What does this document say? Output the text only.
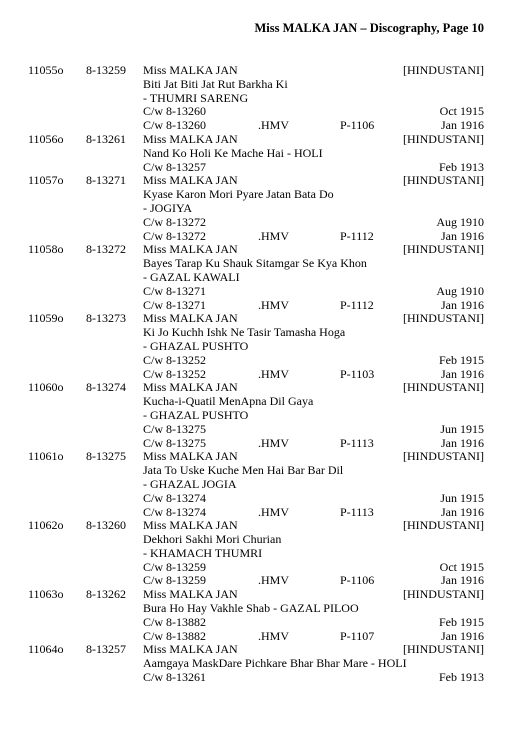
Miss MALKA JAN – Discography, Page 10
11055o 8-13259 Miss MALKA JAN	[HINDUSTANI]
Biti Jat Biti Jat Rut Barkha Ki
- THUMRI SARENG
C/w 8-13260	Oct 1915
C/w 8-13260	.HMV	P-1106	Jan 1916
11056o 8-13261 Miss MALKA JAN	[HINDUSTANI]
Nand Ko Holi Ke Mache Hai - HOLI
C/w 8-13257	Feb 1913
11057o 8-13271 Miss MALKA JAN	[HINDUSTANI]
Kyase Karon Mori Pyare Jatan Bata Do
- JOGIYA
C/w 8-13272	Aug 1910
C/w 8-13272	.HMV	P-1112	Jan 1916
11058o 8-13272 Miss MALKA JAN	[HINDUSTANI]
Bayes Tarap Ku Shauk Sitamgar Se Kya Khon
- GAZAL KAWALI
C/w 8-13271	Aug 1910
C/w 8-13271	.HMV	P-1112	Jan 1916
11059o 8-13273 Miss MALKA JAN	[HINDUSTANI]
Ki Jo Kuchh Ishk Ne Tasir Tamasha Hoga
- GHAZAL PUSHTO
C/w 8-13252	Feb 1915
C/w 8-13252	.HMV	P-1103	Jan 1916
11060o 8-13274 Miss MALKA JAN	[HINDUSTANI]
Kucha-i-Quatil MenApna Dil Gaya
- GHAZAL PUSHTO
C/w 8-13275	Jun 1915
C/w 8-13275	.HMV	P-1113	Jan 1916
11061o 8-13275 Miss MALKA JAN	[HINDUSTANI]
Jata To Uske Kuche Men Hai Bar Bar Dil
- GHAZAL JOGIA
C/w 8-13274	Jun 1915
C/w 8-13274	.HMV	P-1113	Jan 1916
11062o 8-13260 Miss MALKA JAN	[HINDUSTANI]
Dekhori Sakhi Mori Churian
- KHAMACH THUMRI
C/w 8-13259	Oct 1915
C/w 8-13259	.HMV	P-1106	Jan 1916
11063o 8-13262 Miss MALKA JAN	[HINDUSTANI]
Bura Ho Hay Vakhle Shab - GAZAL PILOO
C/w 8-13882	Feb 1915
C/w 8-13882	.HMV	P-1107	Jan 1916
11064o 8-13257 Miss MALKA JAN	[HINDUSTANI]
Aamgaya MaskDare Pichkare Bhar Bhar Mare - HOLI
C/w 8-13261	Feb 1913
